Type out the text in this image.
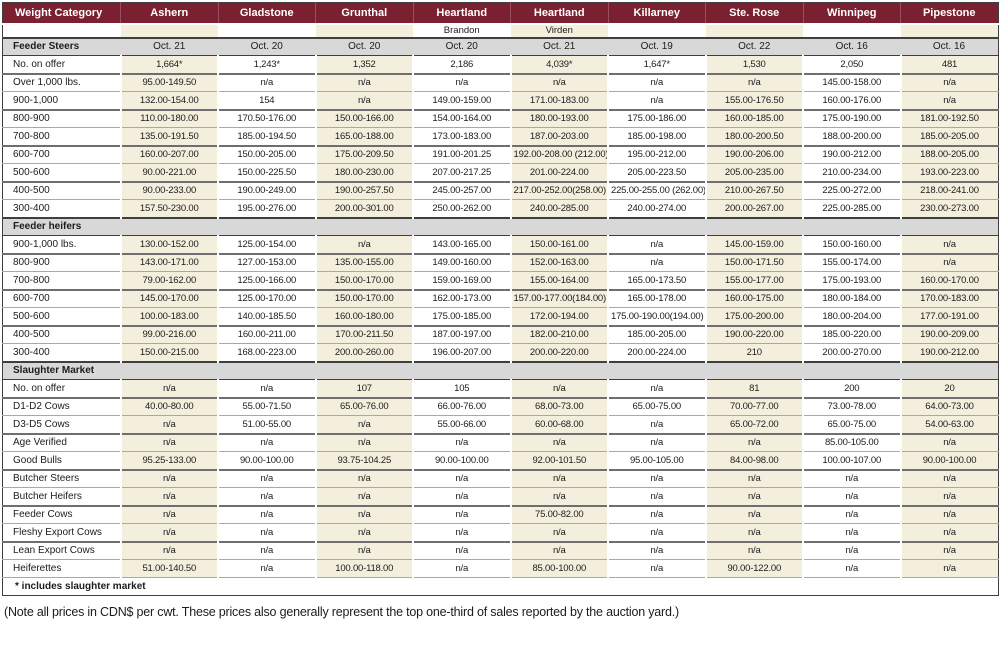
Weight Category	Ashern	Gladstone	Grunthal	Heartland	Heartland	Killarney	Ste. Rose	Winnipeg	Pipestone
				Brandon	Virden				
Feeder Steers	Oct. 21	Oct. 20	Oct. 20	Oct. 20	Oct. 21	Oct. 19	Oct. 22	Oct. 16	Oct. 16
No. on offer	1,664*	1,243*	1,352	2,186	4,039*	1,647*	1,530	2,050	481
Over 1,000 lbs.	95.00-149.50	n/a	n/a	n/a	n/a	n/a	n/a	145.00-158.00	n/a
900-1,000	132.00-154.00	154	n/a	149.00-159.00	171.00-183.00	n/a	155.00-176.50	160.00-176.00	n/a
800-900	110.00-180.00	170.50-176.00	150.00-166.00	154.00-164.00	180.00-193.00	175.00-186.00	160.00-185.00	175.00-190.00	181.00-192.50
700-800	135.00-191.50	185.00-194.50	165.00-188.00	173.00-183.00	187.00-203.00	185.00-198.00	180.00-200.50	188.00-200.00	185.00-205.00
600-700	160.00-207.00	150.00-205.00	175.00-209.50	191.00-201.25	192.00-208.00 (212.00)	195.00-212.00	190.00-206.00	190.00-212.00	188.00-205.00
500-600	90.00-221.00	150.00-225.50	180.00-230.00	207.00-217.25	201.00-224.00	205.00-223.50	205.00-235.00	210.00-234.00	193.00-223.00
400-500	90.00-233.00	190.00-249.00	190.00-257.50	245.00-257.00	217.00-252.00(258.00)	225.00-255.00 (262.00)	210.00-267.50	225.00-272.00	218.00-241.00
300-400	157.50-230.00	195.00-276.00	200.00-301.00	250.00-262.00	240.00-285.00	240.00-274.00	200.00-267.00	225.00-285.00	230.00-273.00
Feeder heifers									
900-1,000 lbs.	130.00-152.00	125.00-154.00	n/a	143.00-165.00	150.00-161.00	n/a	145.00-159.00	150.00-160.00	n/a
800-900	143.00-171.00	127.00-153.00	135.00-155.00	149.00-160.00	152.00-163.00	n/a	150.00-171.50	155.00-174.00	n/a
700-800	79.00-162.00	125.00-166.00	150.00-170.00	159.00-169.00	155.00-164.00	165.00-173.50	155.00-177.00	175.00-193.00	160.00-170.00
600-700	145.00-170.00	125.00-170.00	150.00-170.00	162.00-173.00	157.00-177.00(184.00)	165.00-178.00	160.00-175.00	180.00-184.00	170.00-183.00
500-600	100.00-183.00	140.00-185.50	160.00-180.00	175.00-185.00	172.00-194.00	175.00-190.00(194.00)	175.00-200.00	180.00-204.00	177.00-191.00
400-500	99.00-216.00	160.00-211.00	170.00-211.50	187.00-197.00	182.00-210.00	185.00-205.00	190.00-220.00	185.00-220.00	190.00-209.00
300-400	150.00-215.00	168.00-223.00	200.00-260.00	196.00-207.00	200.00-220.00	200.00-224.00	210	200.00-270.00	190.00-212.00
Slaughter Market									
No. on offer	n/a	n/a	107	105	n/a	n/a	81	200	20
D1-D2 Cows	40.00-80.00	55.00-71.50	65.00-76.00	66.00-76.00	68.00-73.00	65.00-75.00	70.00-77.00	73.00-78.00	64.00-73.00
D3-D5 Cows	n/a	51.00-55.00	n/a	55.00-66.00	60.00-68.00	n/a	65.00-72.00	65.00-75.00	54.00-63.00
Age Verified	n/a	n/a	n/a	n/a	n/a	n/a	n/a	85.00-105.00	n/a
Good Bulls	95.25-133.00	90.00-100.00	93.75-104.25	90.00-100.00	92.00-101.50	95.00-105.00	84.00-98.00	100.00-107.00	90.00-100.00
Butcher Steers	n/a	n/a	n/a	n/a	n/a	n/a	n/a	n/a	n/a
Butcher Heifers	n/a	n/a	n/a	n/a	n/a	n/a	n/a	n/a	n/a
Feeder Cows	n/a	n/a	n/a	n/a	75.00-82.00	n/a	n/a	n/a	n/a
Fleshy Export Cows	n/a	n/a	n/a	n/a	n/a	n/a	n/a	n/a	n/a
Lean Export Cows	n/a	n/a	n/a	n/a	n/a	n/a	n/a	n/a	n/a
Heiferettes	51.00-140.50	n/a	100.00-118.00	n/a	85.00-100.00	n/a	90.00-122.00	n/a	n/a
* includes slaughter market									
(Note all prices in CDN$ per cwt. These prices also generally represent the top one-third of sales reported by the auction yard.)
